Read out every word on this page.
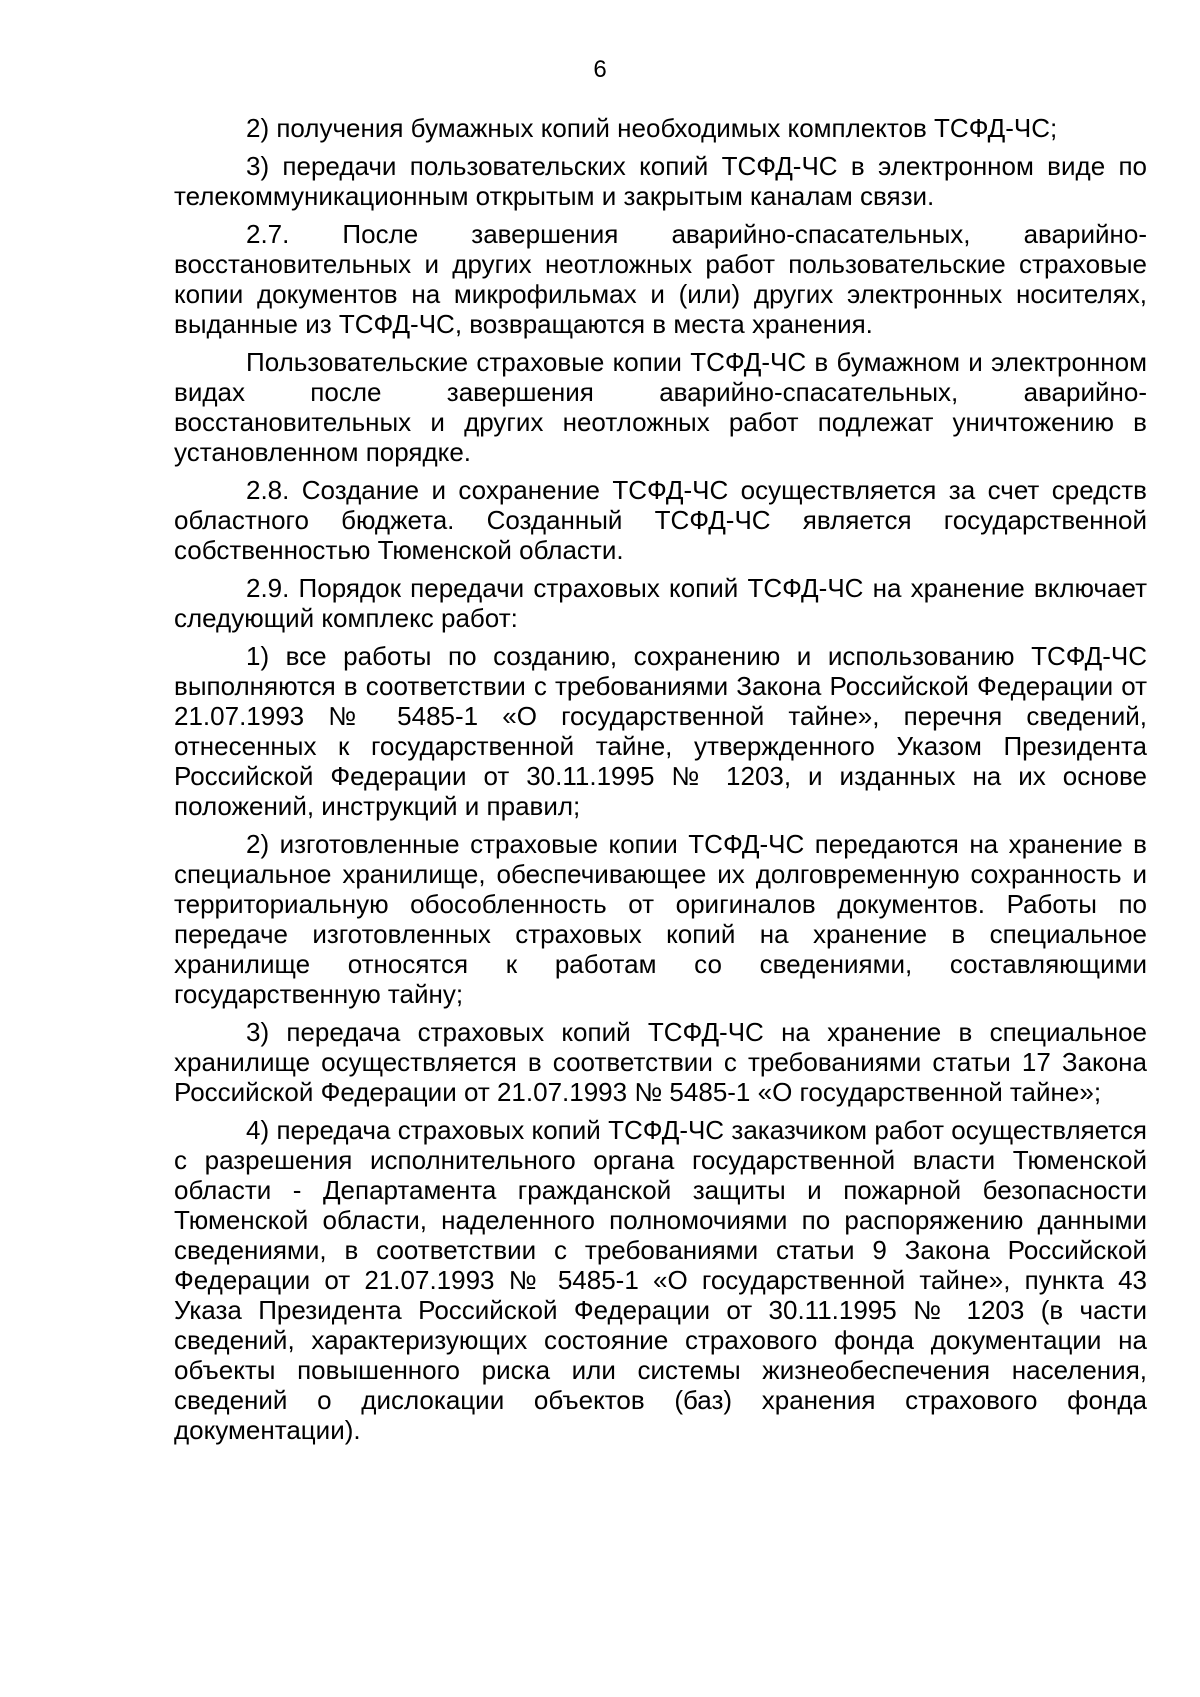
6

2) получения бумажных копий необходимых комплектов ТСФД-ЧС;

3) передачи пользовательских копий ТСФД-ЧС в электронном виде по телекоммуникационным открытым и закрытым каналам связи.

2.7. После завершения аварийно-спасательных, аварийно-восстановительных и других неотложных работ пользовательские страховые копии документов на микрофильмах и (или) других электронных носителях, выданные из ТСФД-ЧС, возвращаются в места хранения.

Пользовательские страховые копии ТСФД-ЧС в бумажном и электронном видах после завершения аварийно-спасательных, аварийно-восстановительных и других неотложных работ подлежат уничтожению в установленном порядке.

2.8. Создание и сохранение ТСФД-ЧС осуществляется за счет средств областного бюджета. Созданный ТСФД-ЧС является государственной собственностью Тюменской области.

2.9. Порядок передачи страховых копий ТСФД-ЧС на хранение включает следующий комплекс работ:

1) все работы по созданию, сохранению и использованию ТСФД-ЧС выполняются в соответствии с требованиями Закона Российской Федерации от 21.07.1993 № 5485-1 «О государственной тайне», перечня сведений, отнесенных к государственной тайне, утвержденного Указом Президента Российской Федерации от 30.11.1995 № 1203, и изданных на их основе положений, инструкций и правил;

2) изготовленные страховые копии ТСФД-ЧС передаются на хранение в специальное хранилище, обеспечивающее их долговременную сохранность и территориальную обособленность от оригиналов документов. Работы по передаче изготовленных страховых копий на хранение в специальное хранилище относятся к работам со сведениями, составляющими государственную тайну;

3) передача страховых копий ТСФД-ЧС на хранение в специальное хранилище осуществляется в соответствии с требованиями статьи 17 Закона Российской Федерации от 21.07.1993 № 5485-1 «О государственной тайне»;

4) передача страховых копий ТСФД-ЧС заказчиком работ осуществляется с разрешения исполнительного органа государственной власти Тюменской области - Департамента гражданской защиты и пожарной безопасности Тюменской области, наделенного полномочиями по распоряжению данными сведениями, в соответствии с требованиями статьи 9 Закона Российской Федерации от 21.07.1993 № 5485-1 «О государственной тайне», пункта 43 Указа Президента Российской Федерации от 30.11.1995 № 1203 (в части сведений, характеризующих состояние страхового фонда документации на объекты повышенного риска или системы жизнеобеспечения населения, сведений о дислокации объектов (баз) хранения страхового фонда документации).
